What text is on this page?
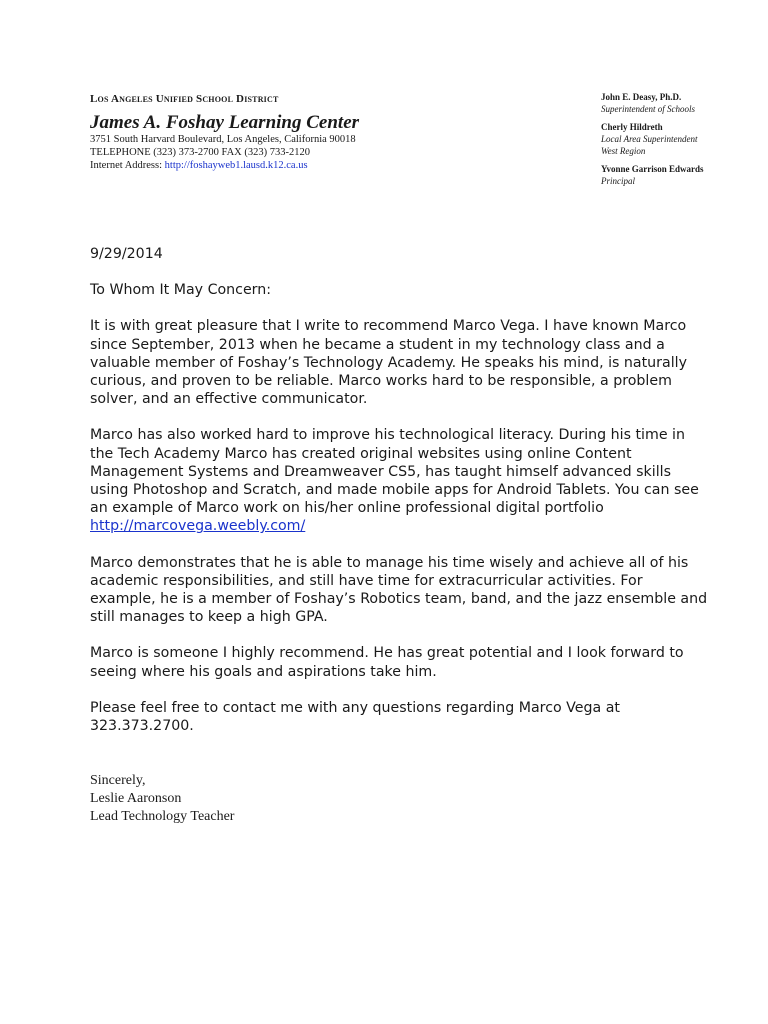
Los Angeles Unified School District

James A. Foshay Learning Center

3751 South Harvard Boulevard, Los Angeles, California 90018

TELEPHONE (323) 373-2700 FAX (323) 733-2120

Internet Address: http://foshayweb1.lausd.k12.ca.us

John E. Deasy, Ph.D.

Superintendent of Schools

Cherly Hildreth

Local Area Superintendent

West Region

Yvonne Garrison Edwards

Principal

9/29/2014

To Whom It May Concern:

It is with great pleasure that I write to recommend Marco Vega. I have known Marco since September, 2013 when he became a student in my technology class and a valuable member of Foshay’s Technology Academy. He speaks his mind, is naturally curious, and proven to be reliable. Marco works hard to be responsible, a problem solver, and an effective communicator.

Marco has also worked hard to improve his technological literacy. During his time in the Tech Academy Marco has created original websites using online Content Management Systems and Dreamweaver CS5, has taught himself advanced skills using Photoshop and Scratch, and made mobile apps for Android Tablets. You can see an example of Marco work on his/her online professional digital portfolio http://marcovega.weebly.com/

Marco demonstrates that he is able to manage his time wisely and achieve all of his academic responsibilities, and still have time for extracurricular activities. For example, he is a member of Foshay’s Robotics team, band, and the jazz ensemble and still manages to keep a high GPA.

Marco is someone I highly recommend. He has great potential and I look forward to seeing where his goals and aspirations take him.

Please feel free to contact me with any questions regarding Marco Vega at 323.373.2700.

Sincerely,

Leslie Aaronson

Lead Technology Teacher
